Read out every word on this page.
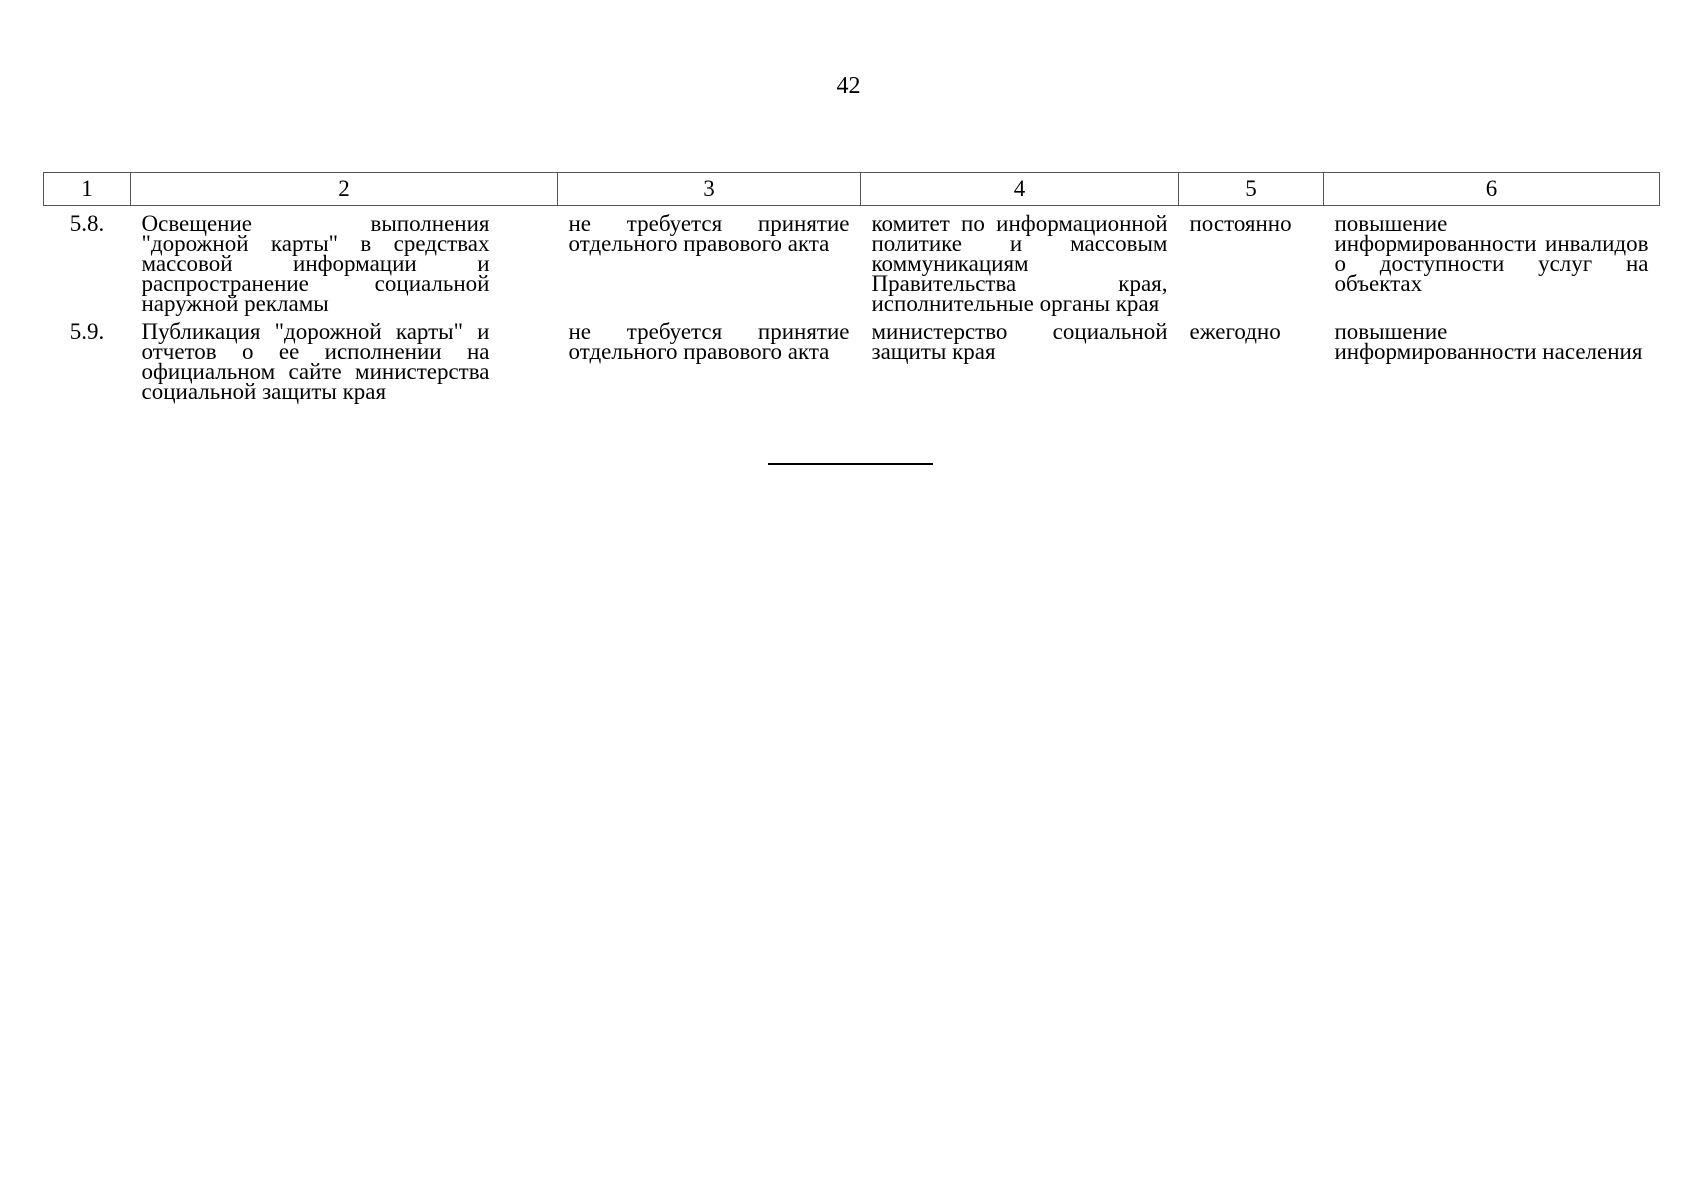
42
1	2	3	4	5	6
5.8.	Освещение выполнения "дорожной карты" в средствах массовой информации и распространение социальной наружной рекламы	не требуется принятие отдельного правового акта	комитет по информационной политике и массовым коммуникациям Правительства края, исполнительные органы края	постоянно	повышение информированности инвалидов о доступности услуг на объектах
5.9.	Публикация "дорожной карты" и отчетов о ее исполнении на официальном сайте министерства социальной защиты края	не требуется принятие отдельного правового акта	министерство социальной защиты края	ежегодно	повышение информированности населения
